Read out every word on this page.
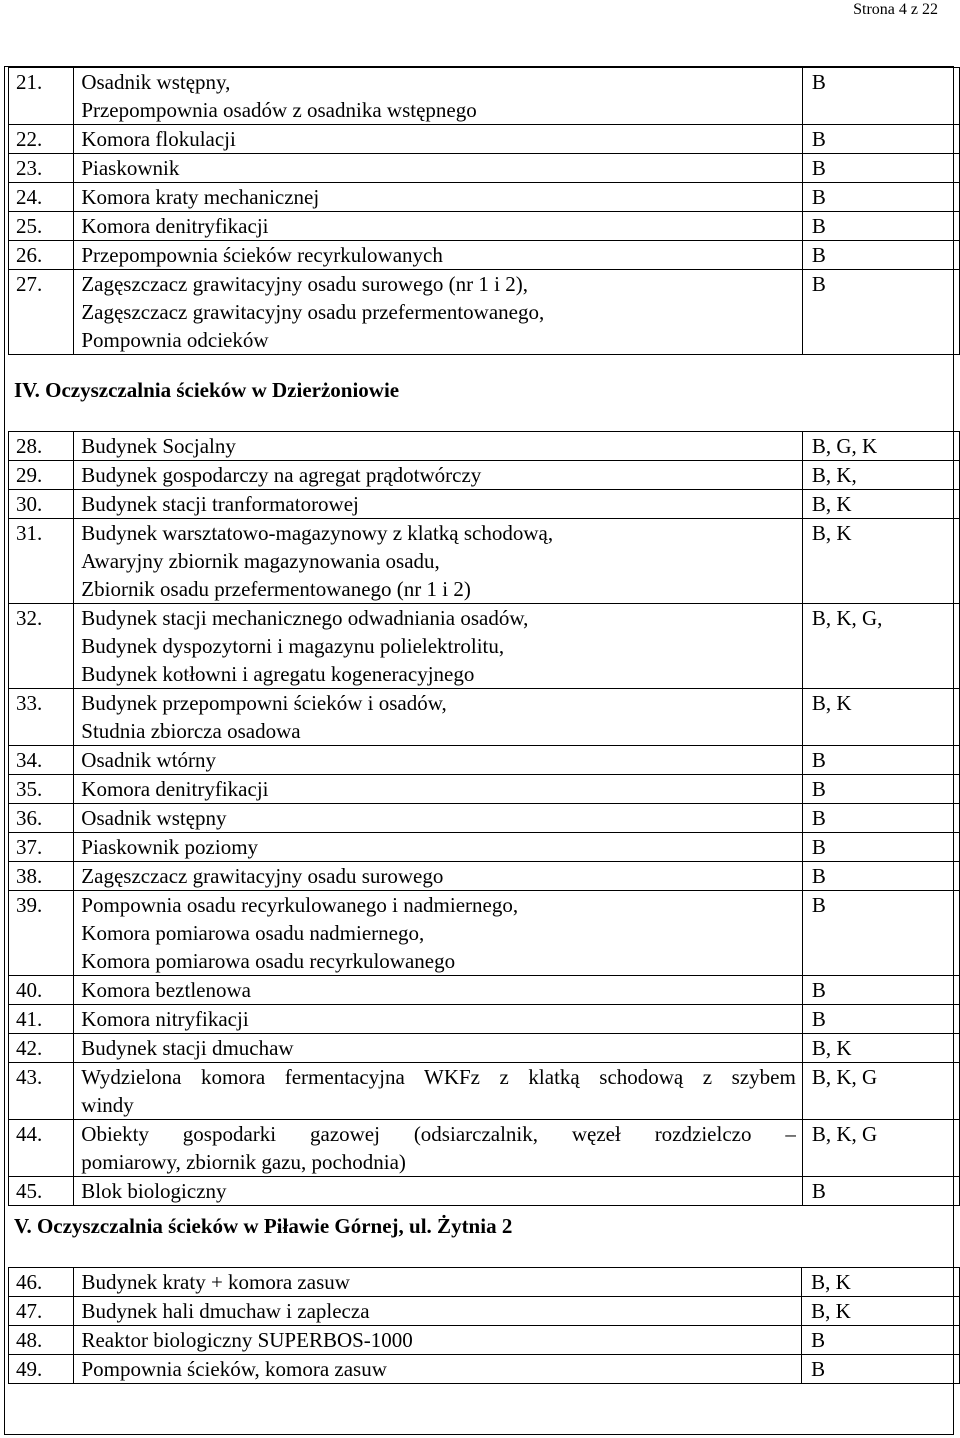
Strona 4 z 22
21.	Osadnik wstępny,
Przepompownia osadów z osadnika wstępnego	B
22.	Komora flokulacji	B
23.	Piaskownik	B
24.	Komora kraty mechanicznej	B
25.	Komora denitryfikacji	B
26.	Przepompownia ścieków recyrkulowanych	B
27.	Zagęszczacz grawitacyjny osadu surowego (nr 1 i 2),
Zagęszczacz grawitacyjny osadu przefermentowanego,
Pompownia odcieków	B
IV. Oczyszczalnia ścieków w Dzierżoniowie
28.	Budynek Socjalny	B, G, K
29.	Budynek gospodarczy na agregat prądotwórczy	B, K,
30.	Budynek stacji tranformatorowej	B, K
31.	Budynek warsztatowo-magazynowy z klatką schodową,
Awaryjny zbiornik magazynowania osadu,
Zbiornik osadu przefermentowanego (nr 1 i 2)	B, K
32.	Budynek stacji mechanicznego odwadniania osadów,
Budynek dyspozytorni i magazynu polielektrolitu,
Budynek kotłowni i agregatu kogeneracyjnego	B, K, G,
33.	Budynek przepompowni ścieków i osadów,
Studnia zbiorcza osadowa	B, K
34.	Osadnik wtórny	B
35.	Komora denitryfikacji	B
36.	Osadnik wstępny	B
37.	Piaskownik poziomy	B
38.	Zagęszczacz grawitacyjny osadu surowego	B
39.	Pompownia osadu recyrkulowanego i nadmiernego,
Komora pomiarowa osadu nadmiernego,
Komora pomiarowa osadu recyrkulowanego	B
40.	Komora beztlenowa	B
41.	Komora nitryfikacji	B
42.	Budynek stacji dmuchaw	B, K
43.	Wydzielona komora fermentacyjna WKFz z klatką schodową z szybem
windy	B, K, G
44.	Obiekty gospodarki gazowej (odsiarczalnik, węzeł rozdzielczo –
pomiarowy, zbiornik gazu, pochodnia)	B, K, G
45.	Blok biologiczny	B
V. Oczyszczalnia ścieków w Piławie Górnej, ul. Żytnia 2
46.	Budynek kraty + komora zasuw	B, K
47.	Budynek hali dmuchaw i zaplecza	B, K
48.	Reaktor biologiczny SUPERBOS-1000	B
49.	Pompownia ścieków, komora zasuw	B
